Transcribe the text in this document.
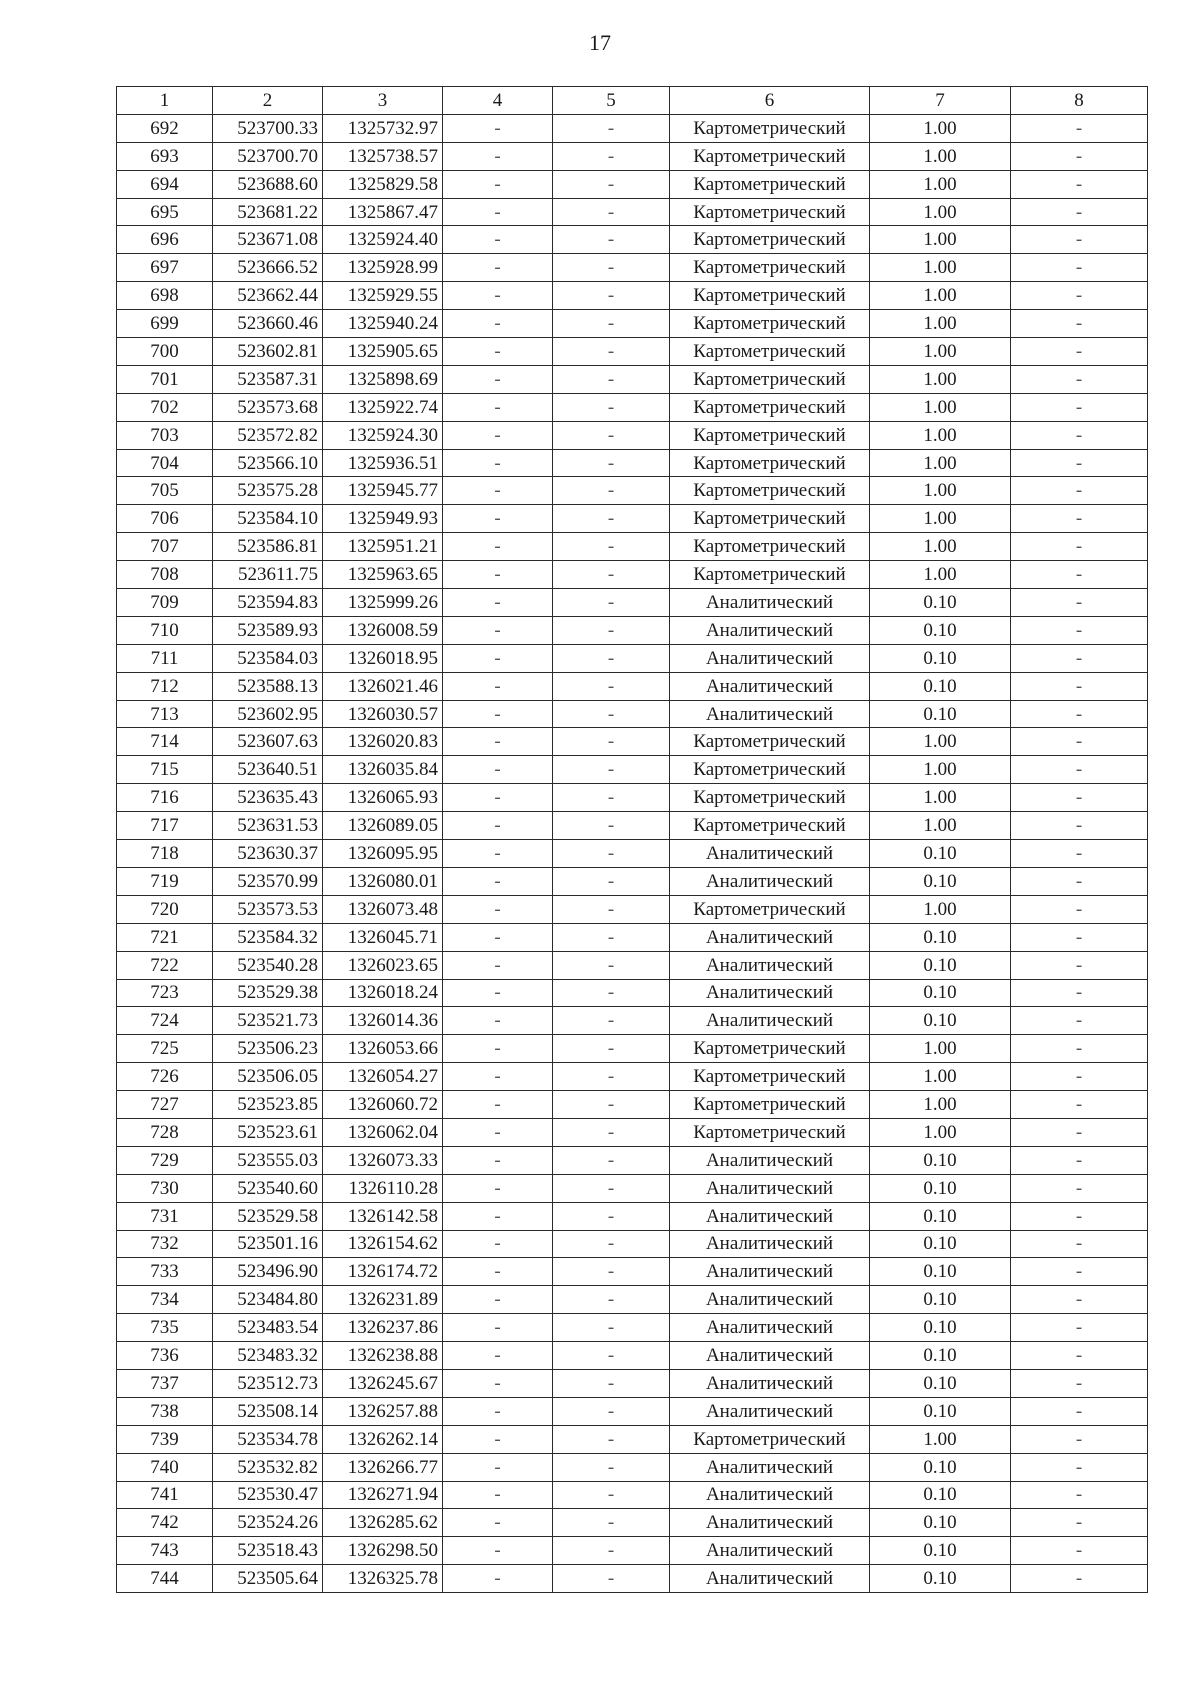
17
1	2	3	4	5	6	7	8
692	523700.33	1325732.97	-	-	Картометрический	1.00	-
693	523700.70	1325738.57	-	-	Картометрический	1.00	-
694	523688.60	1325829.58	-	-	Картометрический	1.00	-
695	523681.22	1325867.47	-	-	Картометрический	1.00	-
696	523671.08	1325924.40	-	-	Картометрический	1.00	-
697	523666.52	1325928.99	-	-	Картометрический	1.00	-
698	523662.44	1325929.55	-	-	Картометрический	1.00	-
699	523660.46	1325940.24	-	-	Картометрический	1.00	-
700	523602.81	1325905.65	-	-	Картометрический	1.00	-
701	523587.31	1325898.69	-	-	Картометрический	1.00	-
702	523573.68	1325922.74	-	-	Картометрический	1.00	-
703	523572.82	1325924.30	-	-	Картометрический	1.00	-
704	523566.10	1325936.51	-	-	Картометрический	1.00	-
705	523575.28	1325945.77	-	-	Картометрический	1.00	-
706	523584.10	1325949.93	-	-	Картометрический	1.00	-
707	523586.81	1325951.21	-	-	Картометрический	1.00	-
708	523611.75	1325963.65	-	-	Картометрический	1.00	-
709	523594.83	1325999.26	-	-	Аналитический	0.10	-
710	523589.93	1326008.59	-	-	Аналитический	0.10	-
711	523584.03	1326018.95	-	-	Аналитический	0.10	-
712	523588.13	1326021.46	-	-	Аналитический	0.10	-
713	523602.95	1326030.57	-	-	Аналитический	0.10	-
714	523607.63	1326020.83	-	-	Картометрический	1.00	-
715	523640.51	1326035.84	-	-	Картометрический	1.00	-
716	523635.43	1326065.93	-	-	Картометрический	1.00	-
717	523631.53	1326089.05	-	-	Картометрический	1.00	-
718	523630.37	1326095.95	-	-	Аналитический	0.10	-
719	523570.99	1326080.01	-	-	Аналитический	0.10	-
720	523573.53	1326073.48	-	-	Картометрический	1.00	-
721	523584.32	1326045.71	-	-	Аналитический	0.10	-
722	523540.28	1326023.65	-	-	Аналитический	0.10	-
723	523529.38	1326018.24	-	-	Аналитический	0.10	-
724	523521.73	1326014.36	-	-	Аналитический	0.10	-
725	523506.23	1326053.66	-	-	Картометрический	1.00	-
726	523506.05	1326054.27	-	-	Картометрический	1.00	-
727	523523.85	1326060.72	-	-	Картометрический	1.00	-
728	523523.61	1326062.04	-	-	Картометрический	1.00	-
729	523555.03	1326073.33	-	-	Аналитический	0.10	-
730	523540.60	1326110.28	-	-	Аналитический	0.10	-
731	523529.58	1326142.58	-	-	Аналитический	0.10	-
732	523501.16	1326154.62	-	-	Аналитический	0.10	-
733	523496.90	1326174.72	-	-	Аналитический	0.10	-
734	523484.80	1326231.89	-	-	Аналитический	0.10	-
735	523483.54	1326237.86	-	-	Аналитический	0.10	-
736	523483.32	1326238.88	-	-	Аналитический	0.10	-
737	523512.73	1326245.67	-	-	Аналитический	0.10	-
738	523508.14	1326257.88	-	-	Аналитический	0.10	-
739	523534.78	1326262.14	-	-	Картометрический	1.00	-
740	523532.82	1326266.77	-	-	Аналитический	0.10	-
741	523530.47	1326271.94	-	-	Аналитический	0.10	-
742	523524.26	1326285.62	-	-	Аналитический	0.10	-
743	523518.43	1326298.50	-	-	Аналитический	0.10	-
744	523505.64	1326325.78	-	-	Аналитический	0.10	-
